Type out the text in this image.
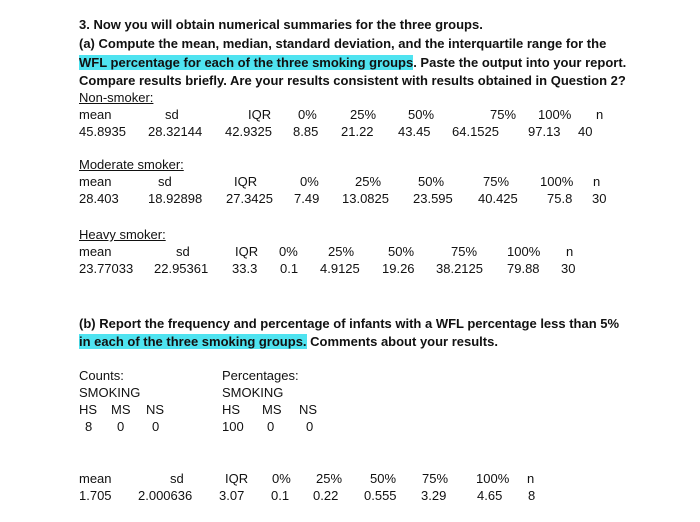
3. Now you will obtain numerical summaries for the three groups.
(a) Compute the mean, median, standard deviation, and the interquartile range for the
WFL percentage for each of the three smoking groups. Paste the output into your report.
Compare results briefly. Are your results consistent with results obtained in Question 2?
Non-smoker:
mean	sd	IQR 0%	25% 50%	75% 100% n
45.8935 28.32144 42.9325 8.85 21.22 43.45 64.1525 97.13 40
Moderate smoker:
mean	sd	IQR	0%	25%	50%	75% 100% n
28.403 18.92898 27.3425 7.49 13.0825 23.595 40.425 75.8 30
Heavy smoker:
mean	sd	IQR 0% 25%	50%	75% 100% n
23.77033 22.95361 33.3 0.1 4.9125 19.26 38.2125 79.88 30
(b) Report the frequency and percentage of infants with a WFL percentage less than 5%
in each of the three smoking groups. Comments about your results.
Counts:
SMOKING
HS MS NS
8 0 0
Percentages:
SMOKING
HS MS NS
100 0 0
mean	sd	IQR 0% 25% 50% 75% 100% n
1.705 2.000636 3.07 0.1 0.22 0.555 3.29 4.65 8
